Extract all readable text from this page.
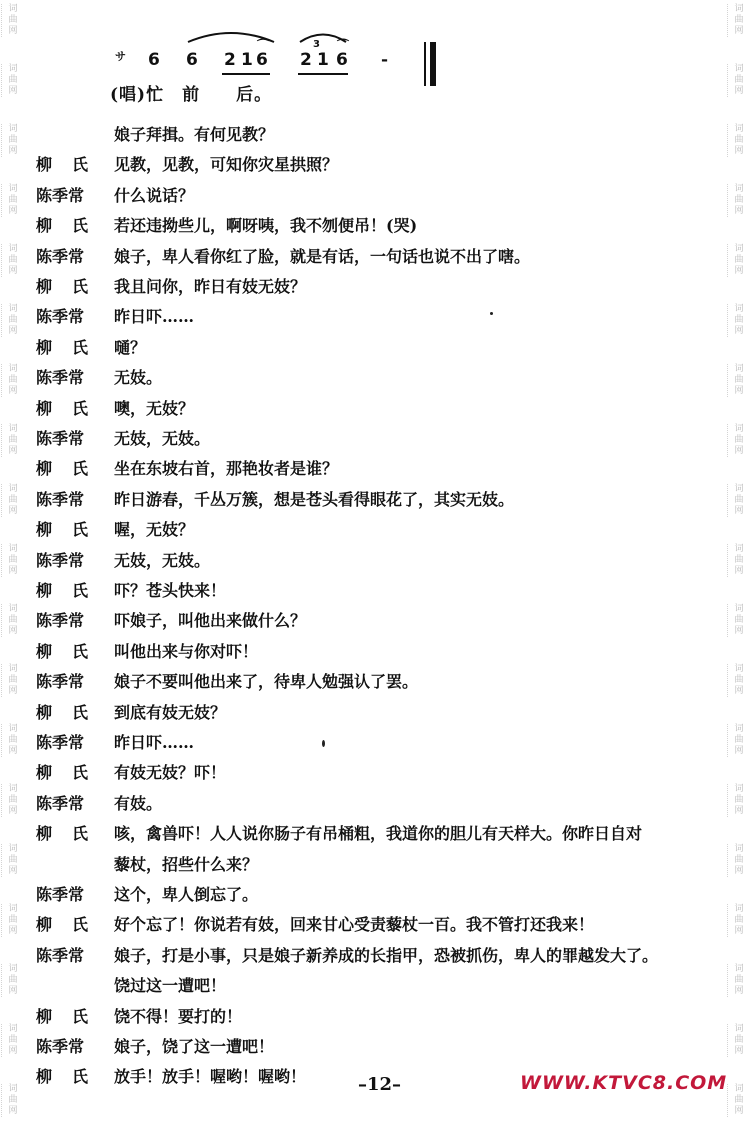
词
曲
网
词
曲
网
词
曲
网
词
曲
网
词
曲
网
词
曲
网
词
曲
网
词
曲
网
词
曲
网
词
曲
网
词
曲
网
词
曲
网
词
曲
网
词
曲
网
词
曲
网
词
曲
网
词
曲
网
词
曲
网
词
曲
网
词
曲
网
词
曲
网
词
曲
网
词
曲
网
词
曲
网
词
曲
网
词
曲
网
词
曲
网
词
曲
网
词
曲
网
词
曲
网
词
曲
网
词
曲
网
词
曲
网
词
曲
网
词
曲
网
词
曲
网
词
曲
网
词
曲
网
サ 6 6 2 1 6
⌒
2
3
1 6
⌒
-
(唱)忙　前　　后。
娘子拜揖。有何见教？
柳氏 见教，见教，可知你灾星拱照？
陈季常	什么说话？
柳氏 若还违拗些儿，啊呀咦，我不刎便吊！(哭)
陈季常	娘子，卑人看你红了脸，就是有话，一句话也说不出了嗐。
柳氏 我且问你，昨日有妓无妓？
陈季常	昨日吓……
柳氏 嗵？
陈季常	无妓。
柳氏 噢，无妓？
陈季常	无妓，无妓。
柳氏 坐在东坡右首，那艳妆者是谁？
陈季常	昨日游春，千丛万簇，想是苍头看得眼花了，其实无妓。
柳氏 喔，无妓？
陈季常	无妓，无妓。
柳氏 吓？苍头快来！
陈季常	吓娘子，叫他出来做什么？
柳氏 叫他出来与你对吓！
陈季常	娘子不要叫他出来了，待卑人勉强认了罢。
柳氏 到底有妓无妓？
陈季常	昨日吓……
柳氏 有妓无妓？吓！
陈季常	有妓。
柳氏 咳，禽兽吓！人人说你肠子有吊桶粗，我道你的胆儿有天样大。你昨日自对
藜杖，招些什么来？
陈季常	这个，卑人倒忘了。
柳氏 好个忘了！你说若有妓，回来甘心受责藜杖一百。我不管打还我来！
陈季常	娘子，打是小事，只是娘子新养成的长指甲，恐被抓伤，卑人的罪越发大了。
饶过这一遭吧！
柳氏 饶不得！要打的！
陈季常	娘子，饶了这一遭吧！
柳氏 放手！放手！喔哟！喔哟！	–12–	WWW.KTVC8.COM
